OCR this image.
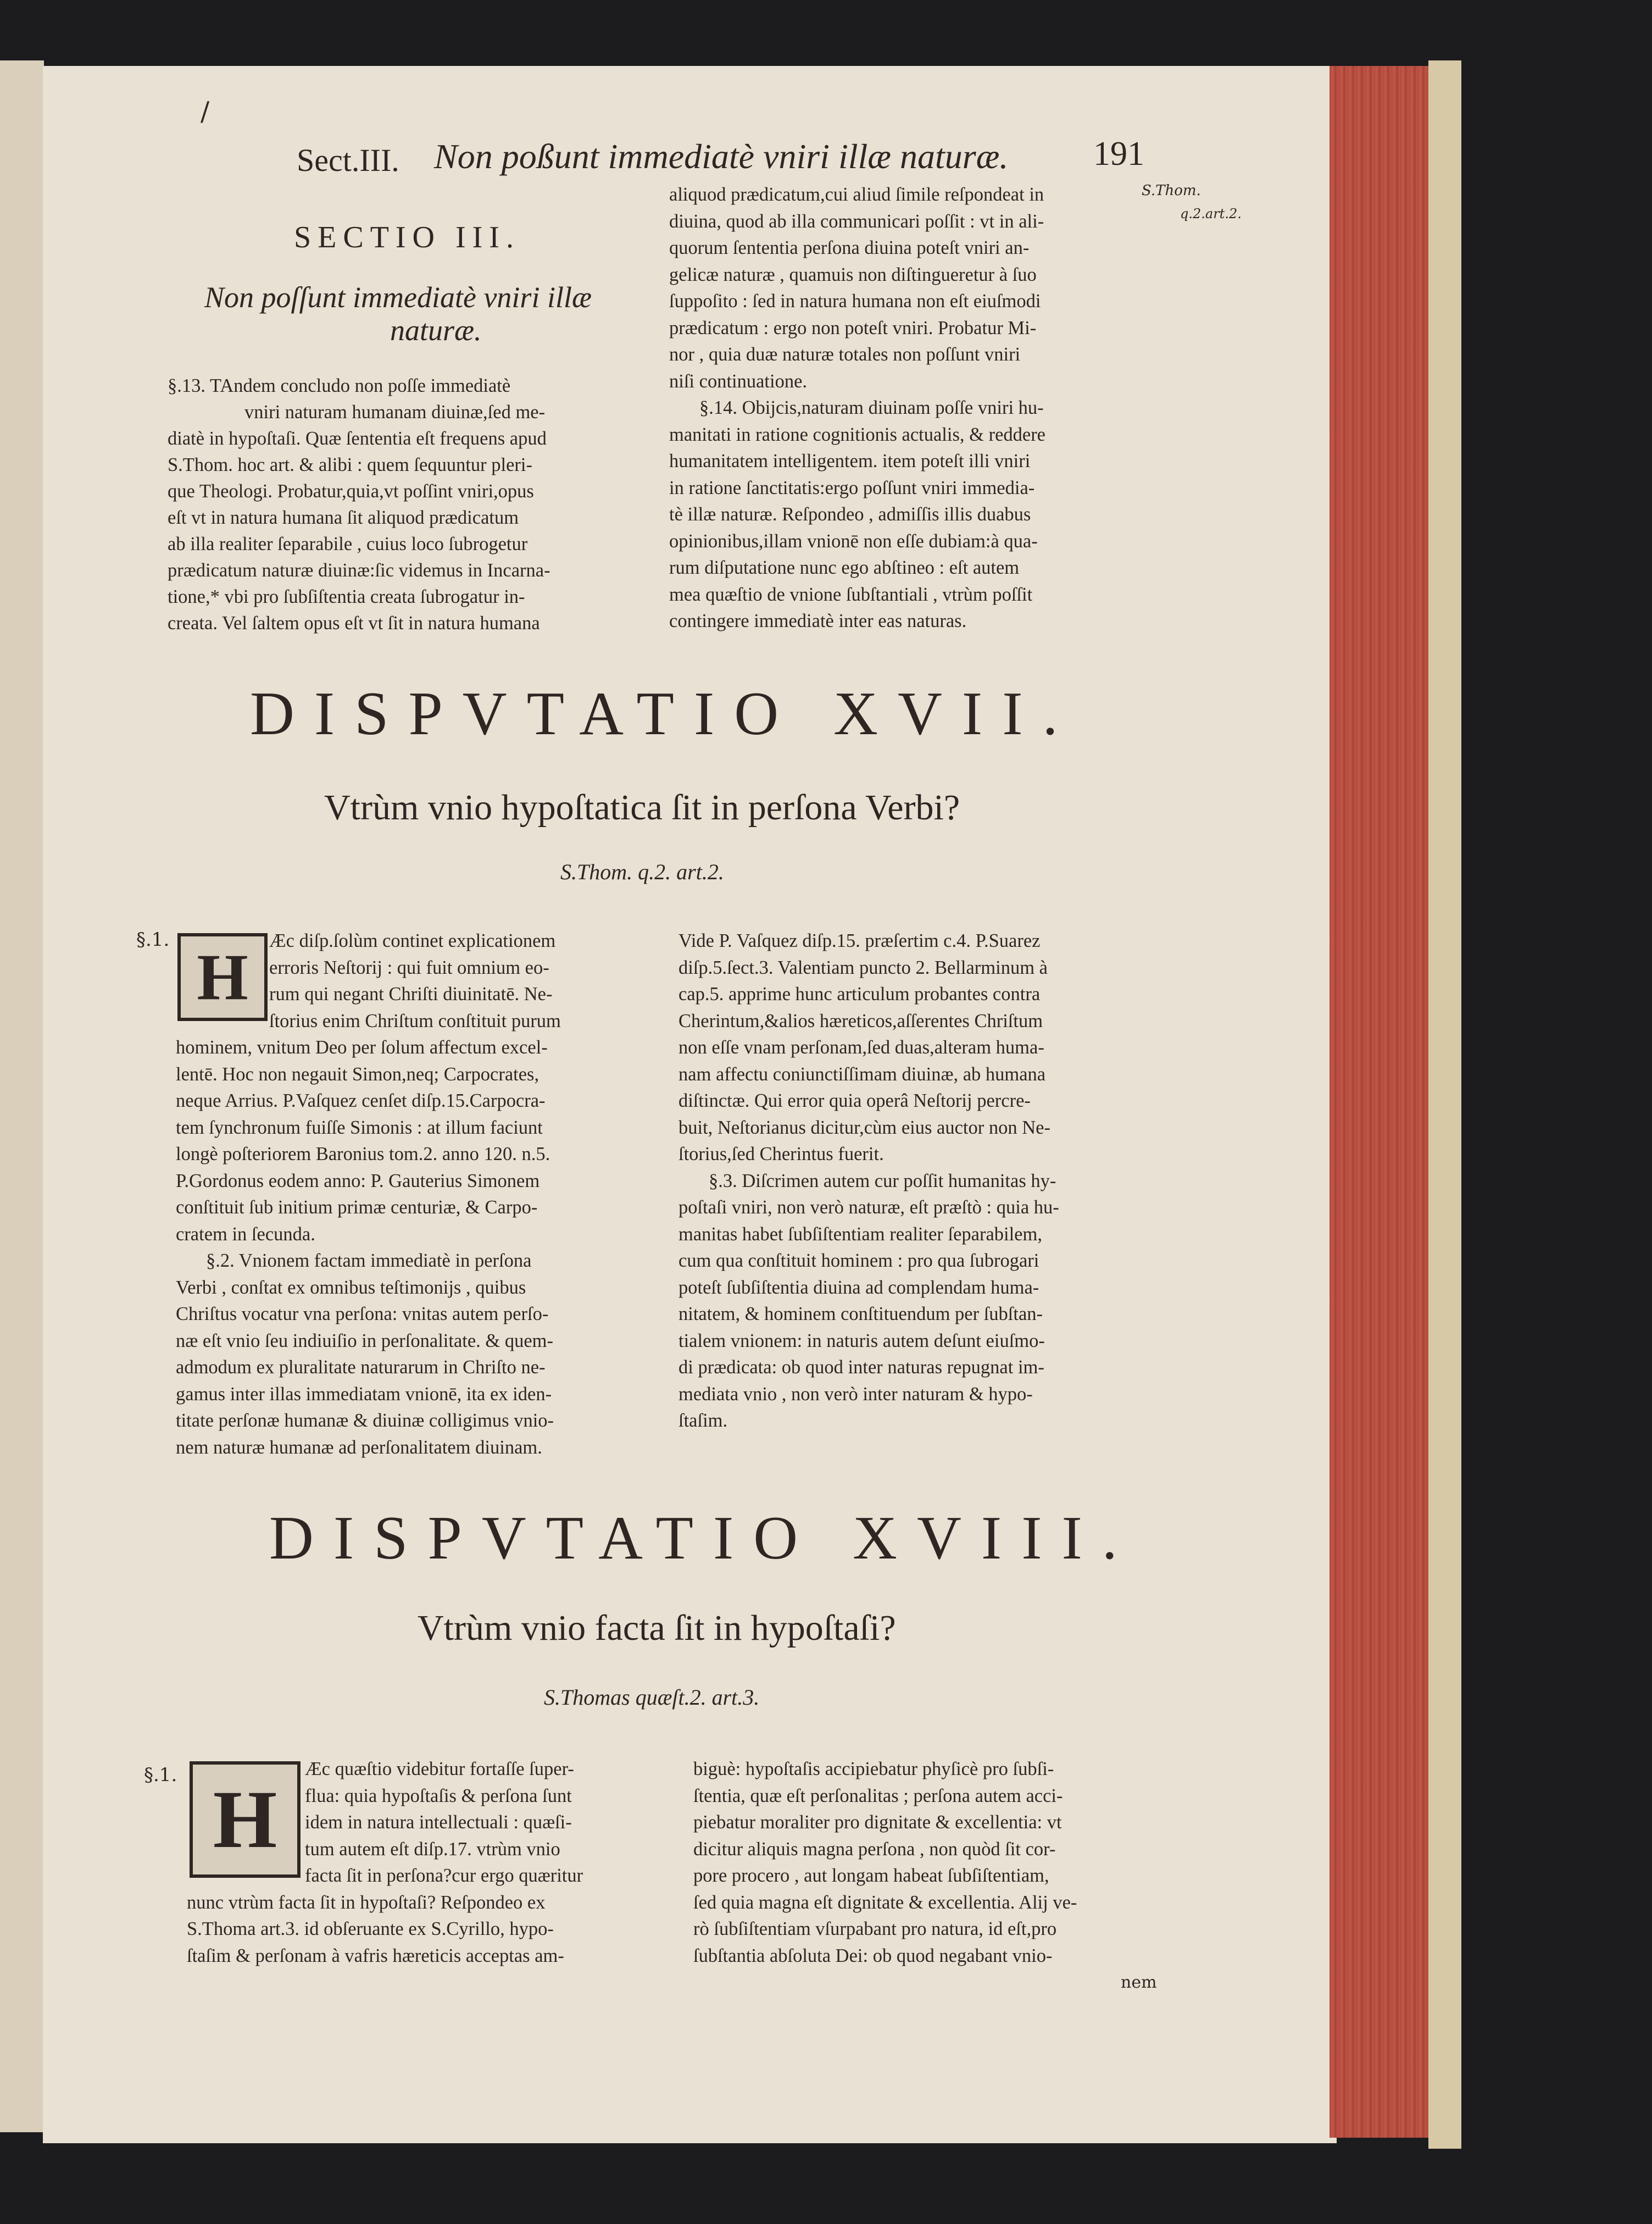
/
Sect.III. Non poßunt immediatè vniri illæ naturæ. 191
SECTIO III.
Non poſſunt immediatè vniri illæ
naturæ.

§.13. TAndem concludo non poſſe immediatè

vniri naturam humanam diuinæ,ſed me-

diatè in hypoſtaſi. Quæ ſententia eſt frequens apud

S.Thom. hoc art. & alibi : quem ſequuntur pleri-

que Theologi. Probatur,quia,vt poſſint vniri,opus

eſt vt in natura humana ſit aliquod prædicatum

ab illa realiter ſeparabile , cuius loco ſubrogetur

prædicatum naturæ diuinæ:ſic videmus in Incarna-

tione,* vbi pro ſubſiſtentia creata ſubrogatur in-

creata. Vel ſaltem opus eſt vt ſit in natura humana

aliquod prædicatum,cui aliud ſimile reſpondeat in

diuina, quod ab illa communicari poſſit : vt in ali-

quorum ſententia perſona diuina poteſt vniri an-

gelicæ naturæ , quamuis non diſtingueretur à ſuo

ſuppoſito : ſed in natura humana non eſt eiuſmodi

prædicatum : ergo non poteſt vniri. Probatur Mi-

nor , quia duæ naturæ totales non poſſunt vniri

niſi continuatione.

§.14. Obijcis,naturam diuinam poſſe vniri hu-

manitati in ratione cognitionis actualis, & reddere

humanitatem intelligentem. item poteſt illi vniri

in ratione ſanctitatis:ergo poſſunt vniri immedia-

tè illæ naturæ. Reſpondeo , admiſſis illis duabus

opinionibus,illam vnionē non eſſe dubiam:à qua-

rum diſputatione nunc ego abſtineo : eſt autem

mea quæſtio de vnione ſubſtantiali , vtrùm poſſit

contingere immediatè inter eas naturas.

S.Thom.
q.2.art.2.
DISPVTATIO XVII.
Vtrùm vnio hypoſtatica ſit in perſona Verbi?
S.Thom. q.2. art.2.
§.1.
H	Æc diſp.ſolùm continet explicationem

erroris Neſtorij : qui fuit omnium eo-

rum qui negant Chriſti diuinitatē. Ne-

ſtorius enim Chriſtum conſtituit purum

hominem, vnitum Deo per ſolum affectum excel-

lentē. Hoc non negauit Simon,neq; Carpocrates,

neque Arrius. P.Vaſquez cenſet diſp.15.Carpocra-

tem ſynchronum fuiſſe Simonis : at illum faciunt

longè poſteriorem Baronius tom.2. anno 120. n.5.

P.Gordonus eodem anno: P. Gauterius Simonem

conſtituit ſub initium primæ centuriæ, & Carpo-

cratem in ſecunda.

§.2. Vnionem factam immediatè in perſona

Verbi , conſtat ex omnibus teſtimonijs , quibus

Chriſtus vocatur vna perſona: vnitas autem perſo-

næ eſt vnio ſeu indiuiſio in perſonalitate. & quem-

admodum ex pluralitate naturarum in Chriſto ne-

gamus inter illas immediatam vnionē, ita ex iden-

titate perſonæ humanæ & diuinæ colligimus vnio-

nem naturæ humanæ ad perſonalitatem diuinam.

Vide P. Vaſquez diſp.15. præſertim c.4. P.Suarez

diſp.5.ſect.3. Valentiam puncto 2. Bellarminum à

cap.5. apprime hunc articulum probantes contra

Cherintum,&alios hæreticos,aſſerentes Chriſtum

non eſſe vnam perſonam,ſed duas,alteram huma-

nam affectu coniunctiſſimam diuinæ, ab humana

diſtinctæ. Qui error quia operâ Neſtorij percre-

buit, Neſtorianus dicitur,cùm eius auctor non Ne-

ſtorius,ſed Cherintus fuerit.

§.3. Diſcrimen autem cur poſſit humanitas hy-

poſtaſi vniri, non verò naturæ, eſt præſtò : quia hu-

manitas habet ſubſiſtentiam realiter ſeparabilem,

cum qua conſtituit hominem : pro qua ſubrogari

poteſt ſubſiſtentia diuina ad complendam huma-

nitatem, & hominem conſtituendum per ſubſtan-

tialem vnionem: in naturis autem deſunt eiuſmo-

di prædicata: ob quod inter naturas repugnat im-

mediata vnio , non verò inter naturam & hypo-

ſtaſim.

DISPVTATIO XVIII.
Vtrùm vnio facta ſit in hypoſtaſi?
S.Thomas quæſt.2. art.3.
§.1. H

Æc quæſtio videbitur fortaſſe ſuper-

flua: quia hypoſtaſis & perſona ſunt

idem in natura intellectuali : quæſi-

tum autem eſt diſp.17. vtrùm vnio

facta ſit in perſona?cur ergo quæritur

nunc vtrùm facta ſit in hypoſtaſi? Reſpondeo ex

S.Thoma art.3. id obſeruante ex S.Cyrillo, hypo-

ſtaſim & perſonam à vafris hæreticis acceptas am-

biguè: hypoſtaſis accipiebatur phyſicè pro ſubſi-

ſtentia, quæ eſt perſonalitas ; perſona autem acci-

piebatur moraliter pro dignitate & excellentia: vt

dicitur aliquis magna perſona , non quòd ſit cor-

pore procero , aut longam habeat ſubſiſtentiam,

ſed quia magna eſt dignitate & excellentia. Alij ve-

rò ſubſiſtentiam vſurpabant pro natura, id eſt,pro

ſubſtantia abſoluta Dei: ob quod negabant vnio-

nem
